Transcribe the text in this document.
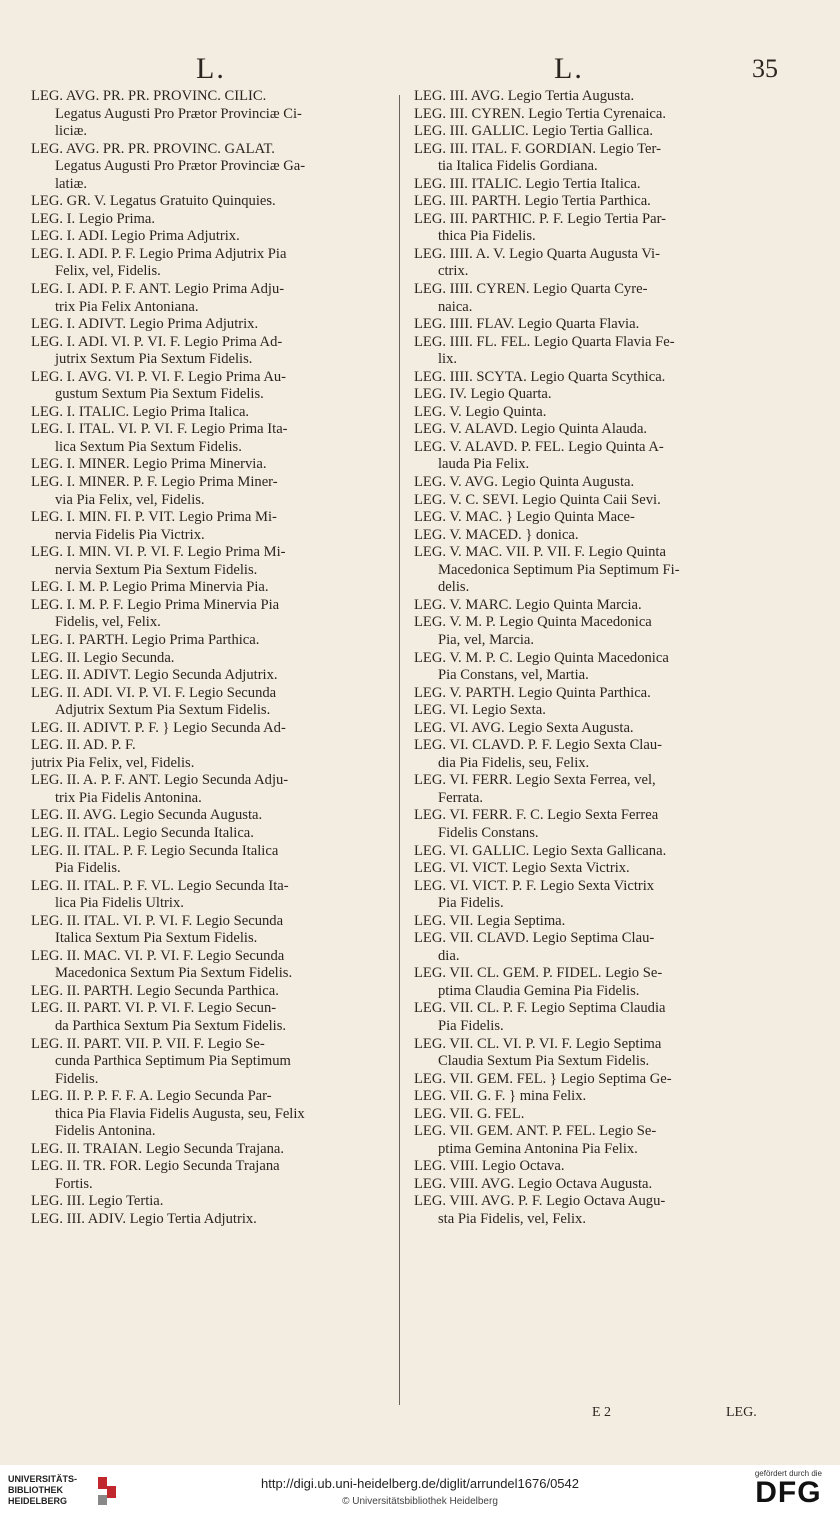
L.	L.	35
LEG. AVG. PR. PR. PROVINC. CILIC.
Legatus Augusti Pro Prætor Provinciæ Ci-
liciæ.
LEG. AVG. PR. PR. PROVINC. GALAT.
Legatus Augusti Pro Prætor Provinciæ Ga-
latiæ.
LEG. GR. V. Legatus Gratuito Quinquies.
LEG. I. Legio Prima.
LEG. I. ADI. Legio Prima Adjutrix.
LEG. I. ADI. P. F. Legio Prima Adjutrix Pia
Felix, vel, Fidelis.
LEG. I. ADI. P. F. ANT. Legio Prima Adju-
trix Pia Felix Antoniana.
LEG. I. ADIVT. Legio Prima Adjutrix.
LEG. I. ADI. VI. P. VI. F. Legio Prima Ad-
jutrix Sextum Pia Sextum Fidelis.
LEG. I. AVG. VI. P. VI. F. Legio Prima Au-
gustum Sextum Pia Sextum Fidelis.
LEG. I. ITALIC. Legio Prima Italica.
LEG. I. ITAL. VI. P. VI. F. Legio Prima Ita-
lica Sextum Pia Sextum Fidelis.
LEG. I. MINER. Legio Prima Minervia.
LEG. I. MINER. P. F. Legio Prima Miner-
via Pia Felix, vel, Fidelis.
LEG. I. MIN. FI. P. VIT. Legio Prima Mi-
nervia Fidelis Pia Victrix.
LEG. I. MIN. VI. P. VI. F. Legio Prima Mi-
nervia Sextum Pia Sextum Fidelis.
LEG. I. M. P. Legio Prima Minervia Pia.
LEG. I. M. P. F. Legio Prima Minervia Pia
Fidelis, vel, Felix.
LEG. I. PARTH. Legio Prima Parthica.
LEG. II. Legio Secunda.
LEG. II. ADIVT. Legio Secunda Adjutrix.
LEG. II. ADI. VI. P. VI. F. Legio Secunda
Adjutrix Sextum Pia Sextum Fidelis.
LEG. II. ADIVT. P. F. } Legio Secunda Ad-
LEG. II. AD. P. F.
jutrix Pia Felix, vel, Fidelis.
LEG. II. A. P. F. ANT. Legio Secunda Adju-
trix Pia Fidelis Antonina.
LEG. II. AVG. Legio Secunda Augusta.
LEG. II. ITAL. Legio Secunda Italica.
LEG. II. ITAL. P. F. Legio Secunda Italica
Pia Fidelis.
LEG. II. ITAL. P. F. VL. Legio Secunda Ita-
lica Pia Fidelis Ultrix.
LEG. II. ITAL. VI. P. VI. F. Legio Secunda
Italica Sextum Pia Sextum Fidelis.
LEG. II. MAC. VI. P. VI. F. Legio Secunda
Macedonica Sextum Pia Sextum Fidelis.
LEG. II. PARTH. Legio Secunda Parthica.
LEG. II. PART. VI. P. VI. F. Legio Secun-
da Parthica Sextum Pia Sextum Fidelis.
LEG. II. PART. VII. P. VII. F. Legio Se-
cunda Parthica Septimum Pia Septimum
Fidelis.
LEG. II. P. P. F. F. A. Legio Secunda Par-
thica Pia Flavia Fidelis Augusta, seu, Felix
Fidelis Antonina.
LEG. II. TRAIAN. Legio Secunda Trajana.
LEG. II. TR. FOR. Legio Secunda Trajana
Fortis.
LEG. III. Legio Tertia.
LEG. III. ADIV. Legio Tertia Adjutrix.
LEG. III. AVG. Legio Tertia Augusta.
LEG. III. CYREN. Legio Tertia Cyrenaica.
LEG. III. GALLIC. Legio Tertia Gallica.
LEG. III. ITAL. F. GORDIAN. Legio Ter-
tia Italica Fidelis Gordiana.
LEG. III. ITALIC. Legio Tertia Italica.
LEG. III. PARTH. Legio Tertia Parthica.
LEG. III. PARTHIC. P. F. Legio Tertia Par-
thica Pia Fidelis.
LEG. IIII. A. V. Legio Quarta Augusta Vi-
ctrix.
LEG. IIII. CYREN. Legio Quarta Cyre-
naica.
LEG. IIII. FLAV. Legio Quarta Flavia.
LEG. IIII. FL. FEL. Legio Quarta Flavia Fe-
lix.
LEG. IIII. SCYTA. Legio Quarta Scythica.
LEG. IV. Legio Quarta.
LEG. V. Legio Quinta.
LEG. V. ALAVD. Legio Quinta Alauda.
LEG. V. ALAVD. P. FEL. Legio Quinta A-
lauda Pia Felix.
LEG. V. AVG. Legio Quinta Augusta.
LEG. V. C. SEVI. Legio Quinta Caii Sevi.
LEG. V. MAC. } Legio Quinta Mace-
LEG. V. MACED. } donica.
LEG. V. MAC. VII. P. VII. F. Legio Quinta
Macedonica Septimum Pia Septimum Fi-
delis.
LEG. V. MARC. Legio Quinta Marcia.
LEG. V. M. P. Legio Quinta Macedonica
Pia, vel, Marcia.
LEG. V. M. P. C. Legio Quinta Macedonica
Pia Constans, vel, Martia.
LEG. V. PARTH. Legio Quinta Parthica.
LEG. VI. Legio Sexta.
LEG. VI. AVG. Legio Sexta Augusta.
LEG. VI. CLAVD. P. F. Legio Sexta Clau-
dia Pia Fidelis, seu, Felix.
LEG. VI. FERR. Legio Sexta Ferrea, vel,
Ferrata.
LEG. VI. FERR. F. C. Legio Sexta Ferrea
Fidelis Constans.
LEG. VI. GALLIC. Legio Sexta Gallicana.
LEG. VI. VICT. Legio Sexta Victrix.
LEG. VI. VICT. P. F. Legio Sexta Victrix
Pia Fidelis.
LEG. VII. Legia Septima.
LEG. VII. CLAVD. Legio Septima Clau-
dia.
LEG. VII. CL. GEM. P. FIDEL. Legio Se-
ptima Claudia Gemina Pia Fidelis.
LEG. VII. CL. P. F. Legio Septima Claudia
Pia Fidelis.
LEG. VII. CL. VI. P. VI. F. Legio Septima
Claudia Sextum Pia Sextum Fidelis.
LEG. VII. GEM. FEL. } Legio Septima Ge-
LEG. VII. G. F. } mina Felix.
LEG. VII. G. FEL.
LEG. VII. GEM. ANT. P. FEL. Legio Se-
ptima Gemina Antonina Pia Felix.
LEG. VIII. Legio Octava.
LEG. VIII. AVG. Legio Octava Augusta.
LEG. VIII. AVG. P. F. Legio Octava Augu-
sta Pia Fidelis, vel, Felix.
E 2	LEG.
UNIVERSITÄTS-
BIBLIOTHEK
HEIDELBERG
http://digi.ub.uni-heidelberg.de/diglit/arrundel1676/0542
© Universitätsbibliothek Heidelberg
gefördert durch die
DFG
